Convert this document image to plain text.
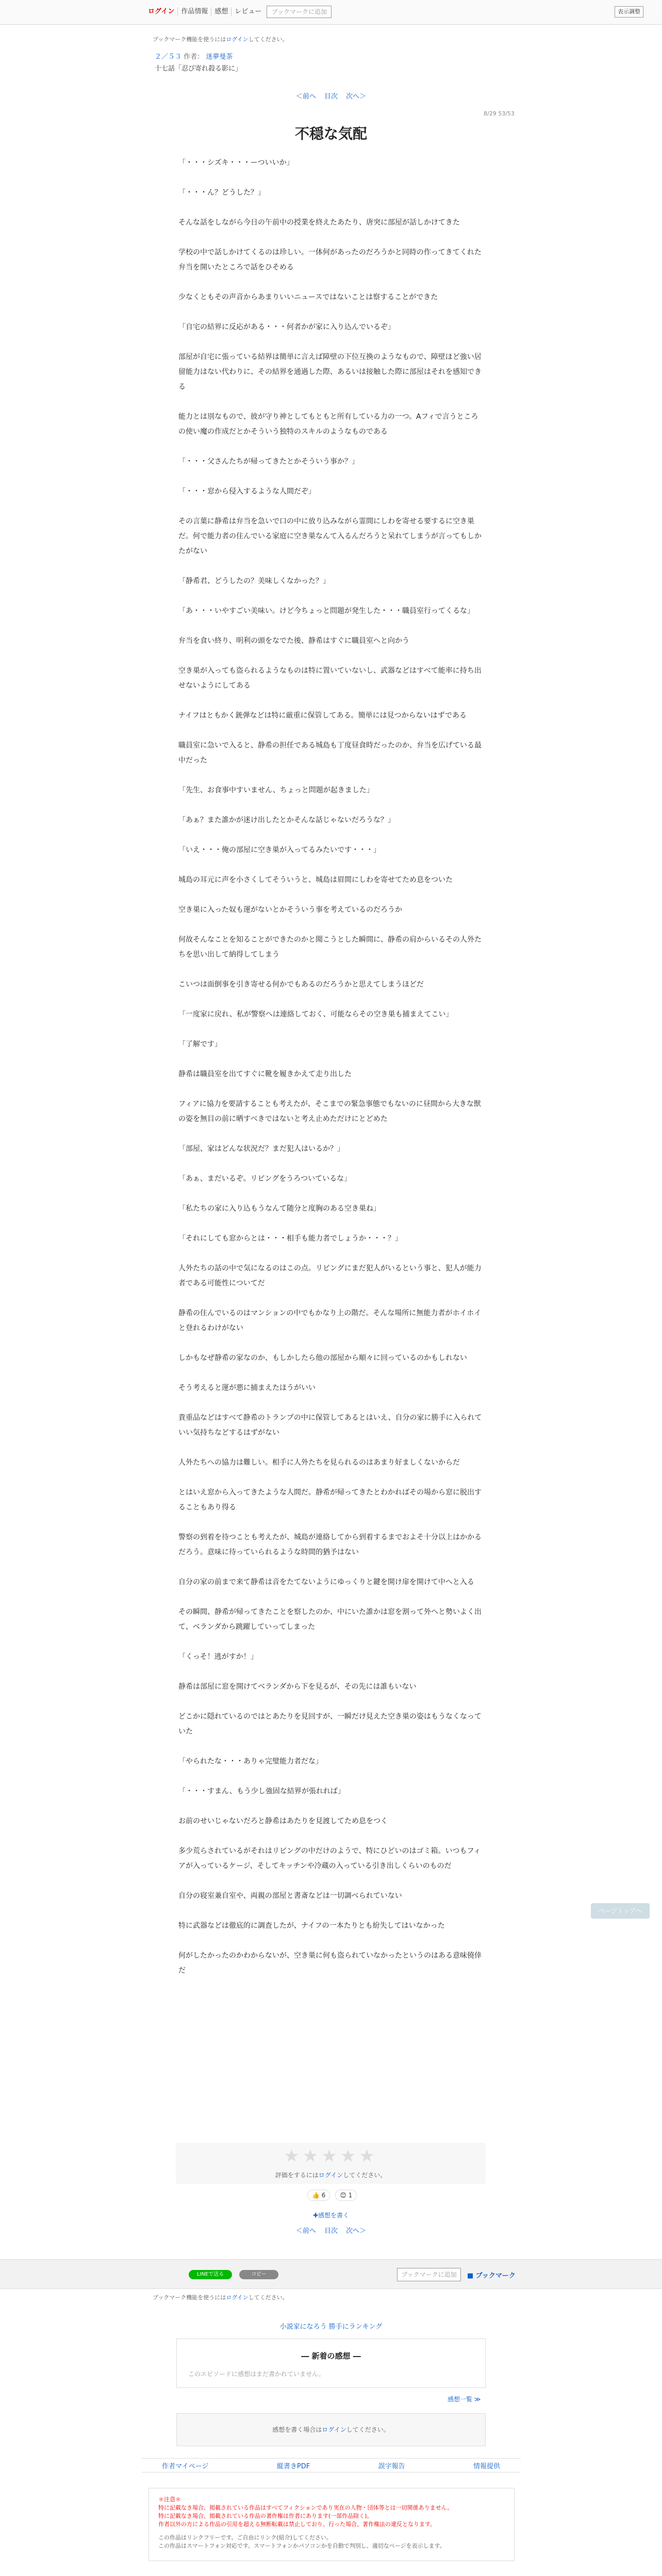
ログイン	作品情報	感想	レビュー	ブックマークに追加	表示調整
ブックマーク機能を使うにはログインしてください。
２／５３ 作者： 迷夢曼茶
十七話「忍び寄れ殺る影に」
＜前へ 目次 次へ＞
8/29 53/53
不穏な気配

「・・・シズキ・・・ーついいか」

「・・・ん？どうした？」

そんな話をしながら今日の午前中の授業を終えたあたり、唐突に部屋が話しかけてきた

学校の中で話しかけてくるのは珍しい。一体何があったのだろうかと同時の作ってきてくれた弁当を開いたところで話をひそめる

少なくともその声音からあまりいいニュースではないことは察することができた

「自宅の結界に反応がある・・・何者かが家に入り込んでいるぞ」

部屋が自宅に張っている結界は簡単に言えば障壁の下位互換のようなもので、障壁ほど強い居留能力はない代わりに、その結界を通過した際、あるいは接触した際に部屋はそれを感知できる

能力とは別なもので、彼が守り神としてもともと所有している力の一つ。Aフィで言うところの使い魔の作成だとかそういう独特のスキルのようなものである

「・・・父さんたちが帰ってきたとかそういう事か？」

「・・・窓から侵入するような人間だぞ」

その言葉に静希は弁当を急いで口の中に放り込みながら霊間にしわを寄せる要するに空き巣だ。何で能力者の住んでいる家庭に空き巣なんて入るんだろうと呆れてしまうが言ってもしかたがない

「静希君、どうしたの？美味しくなかった？」

「あ・・・いやすごい美味い。けど今ちょっと問題が発生した・・・職員室行ってくるな」

弁当を食い終り、明利の頭をなでた後、静希はすぐに職員室へと向かう

空き巣が入っても盗られるようなものは特に置いていないし、武器などはすべて能率に持ち出せないようにしてある

ナイフはともかく銃弾などは特に厳重に保管してある。簡単には見つからないはずである

職員室に急いで入ると、静希の担任である城島も丁度昼食時だったのか、弁当を広げている最中だった

「先生、お食事中すいません、ちょっと問題が起きました」

「あぁ？また誰かが迷け出したとかそんな話じゃないだろうな？」

「いえ・・・俺の部屋に空き巣が入ってるみたいです・・・」

城島の耳元に声を小さくしてそういうと、城島は眉間にしわを寄せてため息をついた

空き巣に入った奴も運がないとかそういう事を考えているのだろうか

何故そんなことを知ることができたのかと聞こうとした瞬間に、静希の肩からいるその人外たちを思い出して納得してしまう

こいつは面倒事を引き寄せる何かでもあるのだろうかと思えてしまうほどだ

「一度家に戻れ、私が警察へは連絡しておく、可能ならその空き巣も捕まえてこい」

「了解です」

静希は職員室を出てすぐに靴を履きかえて走り出した

フィアに協力を要請することも考えたが、そこまでの緊急事態でもないのに昼間から大きな獣の姿を無目の前に晒すべきではないと考え止めただけにとどめた

「部屋、家はどんな状況だ？まだ犯人はいるか？」

「あぁ、まだいるぞ。リビングをうろついているな」

「私たちの家に入り込もうなんて随分と度胸のある空き巣ね」

「それにしても窓からとは・・・相手も能力者でしょうか・・・？」

人外たちの話の中で気になるのはこの点。リビングにまだ犯人がいるという事と、犯人が能力者である可能性についてだ

静希の住んでいるのはマンションの中でもかなり上の階だ。そんな場所に無能力者がホイホイと登れるわけがない

しかもなぜ静希の家なのか、もしかしたら他の部屋から順々に回っているのかもしれない

そう考えると運が悪に捕まえたほうがいい

貴重品などはすべて静希のトランプの中に保管してあるとはいえ、自分の家に勝手に入られていい気持ちなどするはずがない

人外たちへの協力は難しい。相手に人外たちを見られるのはあまり好ましくないからだ

とはいえ窓から入ってきたような人間だ。静希が帰ってきたとわかればその場から窓に脱出することもあり得る

警察の到着を待つことも考えたが、城島が連絡してから到着するまでおよそ十分以上はかかるだろう。意味に待っていられるような時間的猶予はない

自分の家の前まで来て静希は音をたてないようにゆっくりと鍵を開け扉を開けて中へと入る

その瞬間、静希が帰ってきたことを察したのか、中にいた誰かは窓を割って外へと勢いよく出て、ベランダから跳躍していってしまった

「くっそ！逃がすか！」

静希は部屋に窓を開けてベランダから下を見るが、その先には誰もいない

どこかに隠れているのではとあたりを見回すが、一瞬だけ見えた空き巣の姿はもうなくなっていた

「やられたな・・・ありゃ完璧能力者だな」

「・・・すまん、もう少し強固な結界が張れれば」

お前のせいじゃないだろと静希はあたりを見渡してため息をつく

多少荒らされているがそれはリビングの中だけのようで、特にひどいのはゴミ箱。いつもフィアが入っているケージ、そしてキッチンや冷蔵の入っている引き出しくらいのものだ

自分の寝室兼自室や、両親の部屋と書斎などは一切調べられていない

特に武器などは徹底的に調査したが、ナイフの一本たりとも紛失してはいなかった

何がしたかったのかわからないが、空き巣に何も盗られていなかったというのはある意味僥倖だ

★★★★★
評価をするにはログインしてください。
👍 6	😊 1
✚感想を書く
＜前へ 目次 次へ＞
LINEで送る	コピー	ブックマークに追加	■ ブックマーク
ブックマーク機能を使うにはログインしてください。
小説家になろう 勝手にランキング
― 新着の感想 ―
このエピソードに感想はまだ書かれていません。
感想一覧 ≫
感想を書く場合はログインしてください。
作者マイページ	縦書きPDF	誤字報告	情報提供
＊注意＊
特に記載なき場合、掲載されている作品はすべてフィクションであり実在の人物・団体等とは一切関係ありません。
特に記載なき場合、掲載されている作品の著作権は作者にあります(一部作品除く)。
作者以外の方による作品の引用を超える無断転載は禁止しており、行った場合、著作権法の違反となります。
この作品はリンクフリーです。ご自由にリンク(紹介)してください。
この作品はスマートフォン対応です。スマートフォンかパソコンかを自動で判別し、適切なページを表示します。
ページトップへ
